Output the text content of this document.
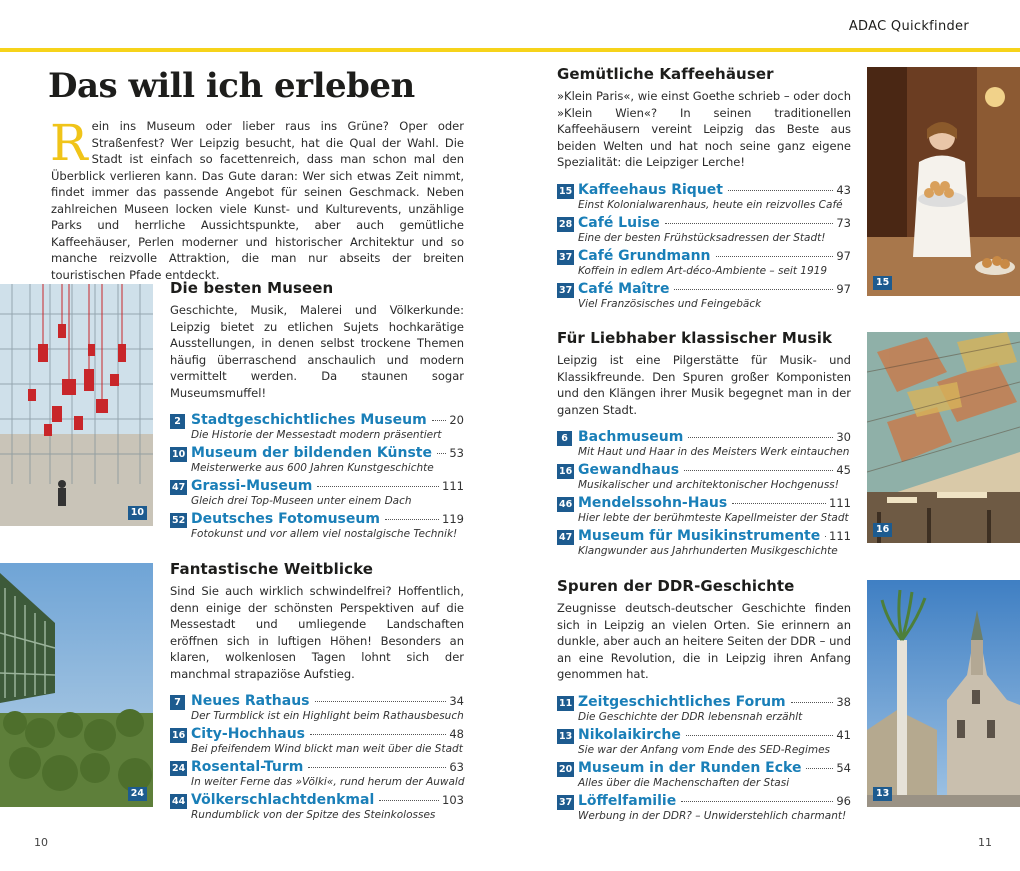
ADAC Quickfinder
Das will ich erleben
Rein ins Museum oder lieber raus ins Grüne? Oper oder Straßenfest? Wer Leipzig besucht, hat die Qual der Wahl. Die Stadt ist einfach so facettenreich, dass man schon mal den Überblick verlieren kann. Das Gute daran: Wer sich etwas Zeit nimmt, findet immer das passende Angebot für seinen Geschmack. Neben zahlreichen Museen locken viele Kunst- und Kulturevents, unzählige Parks und herrliche Aussichtspunkte, aber auch gemütliche Kaffeehäuser, Perlen moderner und historischer Architektur und so manche reizvolle Attraktion, die man nur abseits der breiten touristischen Pfade entdeckt.
10
24
15
16
13
Die besten Museen

Geschichte, Musik, Malerei und Völkerkunde: Leipzig bietet zu etlichen Sujets hochkarätige Ausstellungen, in denen selbst trockene Themen häufig überraschend anschaulich und modern vermittelt werden. Da staunen sogar Museumsmuffel!

2 Stadtgeschichtliches Museum 20
Die Historie der Messestadt modern präsentiert
10 Museum der bildenden Künste 53
Meisterwerke aus 600 Jahren Kunstgeschichte
47 Grassi-Museum	111
Gleich drei Top-Museen unter einem Dach
52 Deutsches Fotomuseum	119
Fotokunst und vor allem viel nostalgische Technik!
Fantastische Weitblicke

Sind Sie auch wirklich schwindelfrei? Hoffentlich, denn einige der schönsten Perspektiven auf die Messestadt und umliegende Landschaften eröffnen sich in luftigen Höhen! Besonders an klaren, wolkenlosen Tagen lohnt sich der manchmal strapaziöse Aufstieg.

7 Neues Rathaus	34
Der Turmblick ist ein Highlight beim Rathausbesuch
16 City-Hochhaus	48
Bei pfeifendem Wind blickt man weit über die Stadt
24 Rosental-Turm	63
In weiter Ferne das »Völki«, rund herum der Auwald
44 Völkerschlachtdenkmal	103
Rundumblick von der Spitze des Steinkolosses
Gemütliche Kaffeehäuser

»Klein Paris«, wie einst Goethe schrieb – oder doch »Klein Wien«? In seinen traditionellen Kaffeehäusern vereint Leipzig das Beste aus beiden Welten und hat noch seine ganz eigene Spezialität: die Leipziger Lerche!

15 Kaffeehaus Riquet	43
Einst Kolonialwarenhaus, heute ein reizvolles Café
28 Café Luise	73
Eine der besten Frühstücksadressen der Stadt!
37 Café Grundmann	97
Koffein in edlem Art-déco-Ambiente – seit 1919
37 Café Maître	97
Viel Französisches und Feingebäck
Für Liebhaber klassischer Musik

Leipzig ist eine Pilgerstätte für Musik- und Klassikfreunde. Den Spuren großer Komponisten und den Klängen ihrer Musik begegnet man in der ganzen Stadt.

6 Bachmuseum	30
Mit Haut und Haar in des Meisters Werk eintauchen
16 Gewandhaus	45
Musikalischer und architektonischer Hochgenuss!
46 Mendelssohn-Haus	111
Hier lebte der berühmteste Kapellmeister der Stadt
47 Museum für Musikinstrumente 111
Klangwunder aus Jahrhunderten Musikgeschichte
Spuren der DDR-Geschichte

Zeugnisse deutsch-deutscher Geschichte finden sich in Leipzig an vielen Orten. Sie erinnern an dunkle, aber auch an heitere Seiten der DDR – und an eine Revolution, die in Leipzig ihren Anfang genommen hat.

11 Zeitgeschichtliches Forum	38
Die Geschichte der DDR lebensnah erzählt
13 Nikolaikirche	41
Sie war der Anfang vom Ende des SED-Regimes
20 Museum in der Runden Ecke	54
Alles über die Machenschaften der Stasi
37 Löffelfamilie	96
Werbung in der DDR? – Unwiderstehlich charmant!
10	11
